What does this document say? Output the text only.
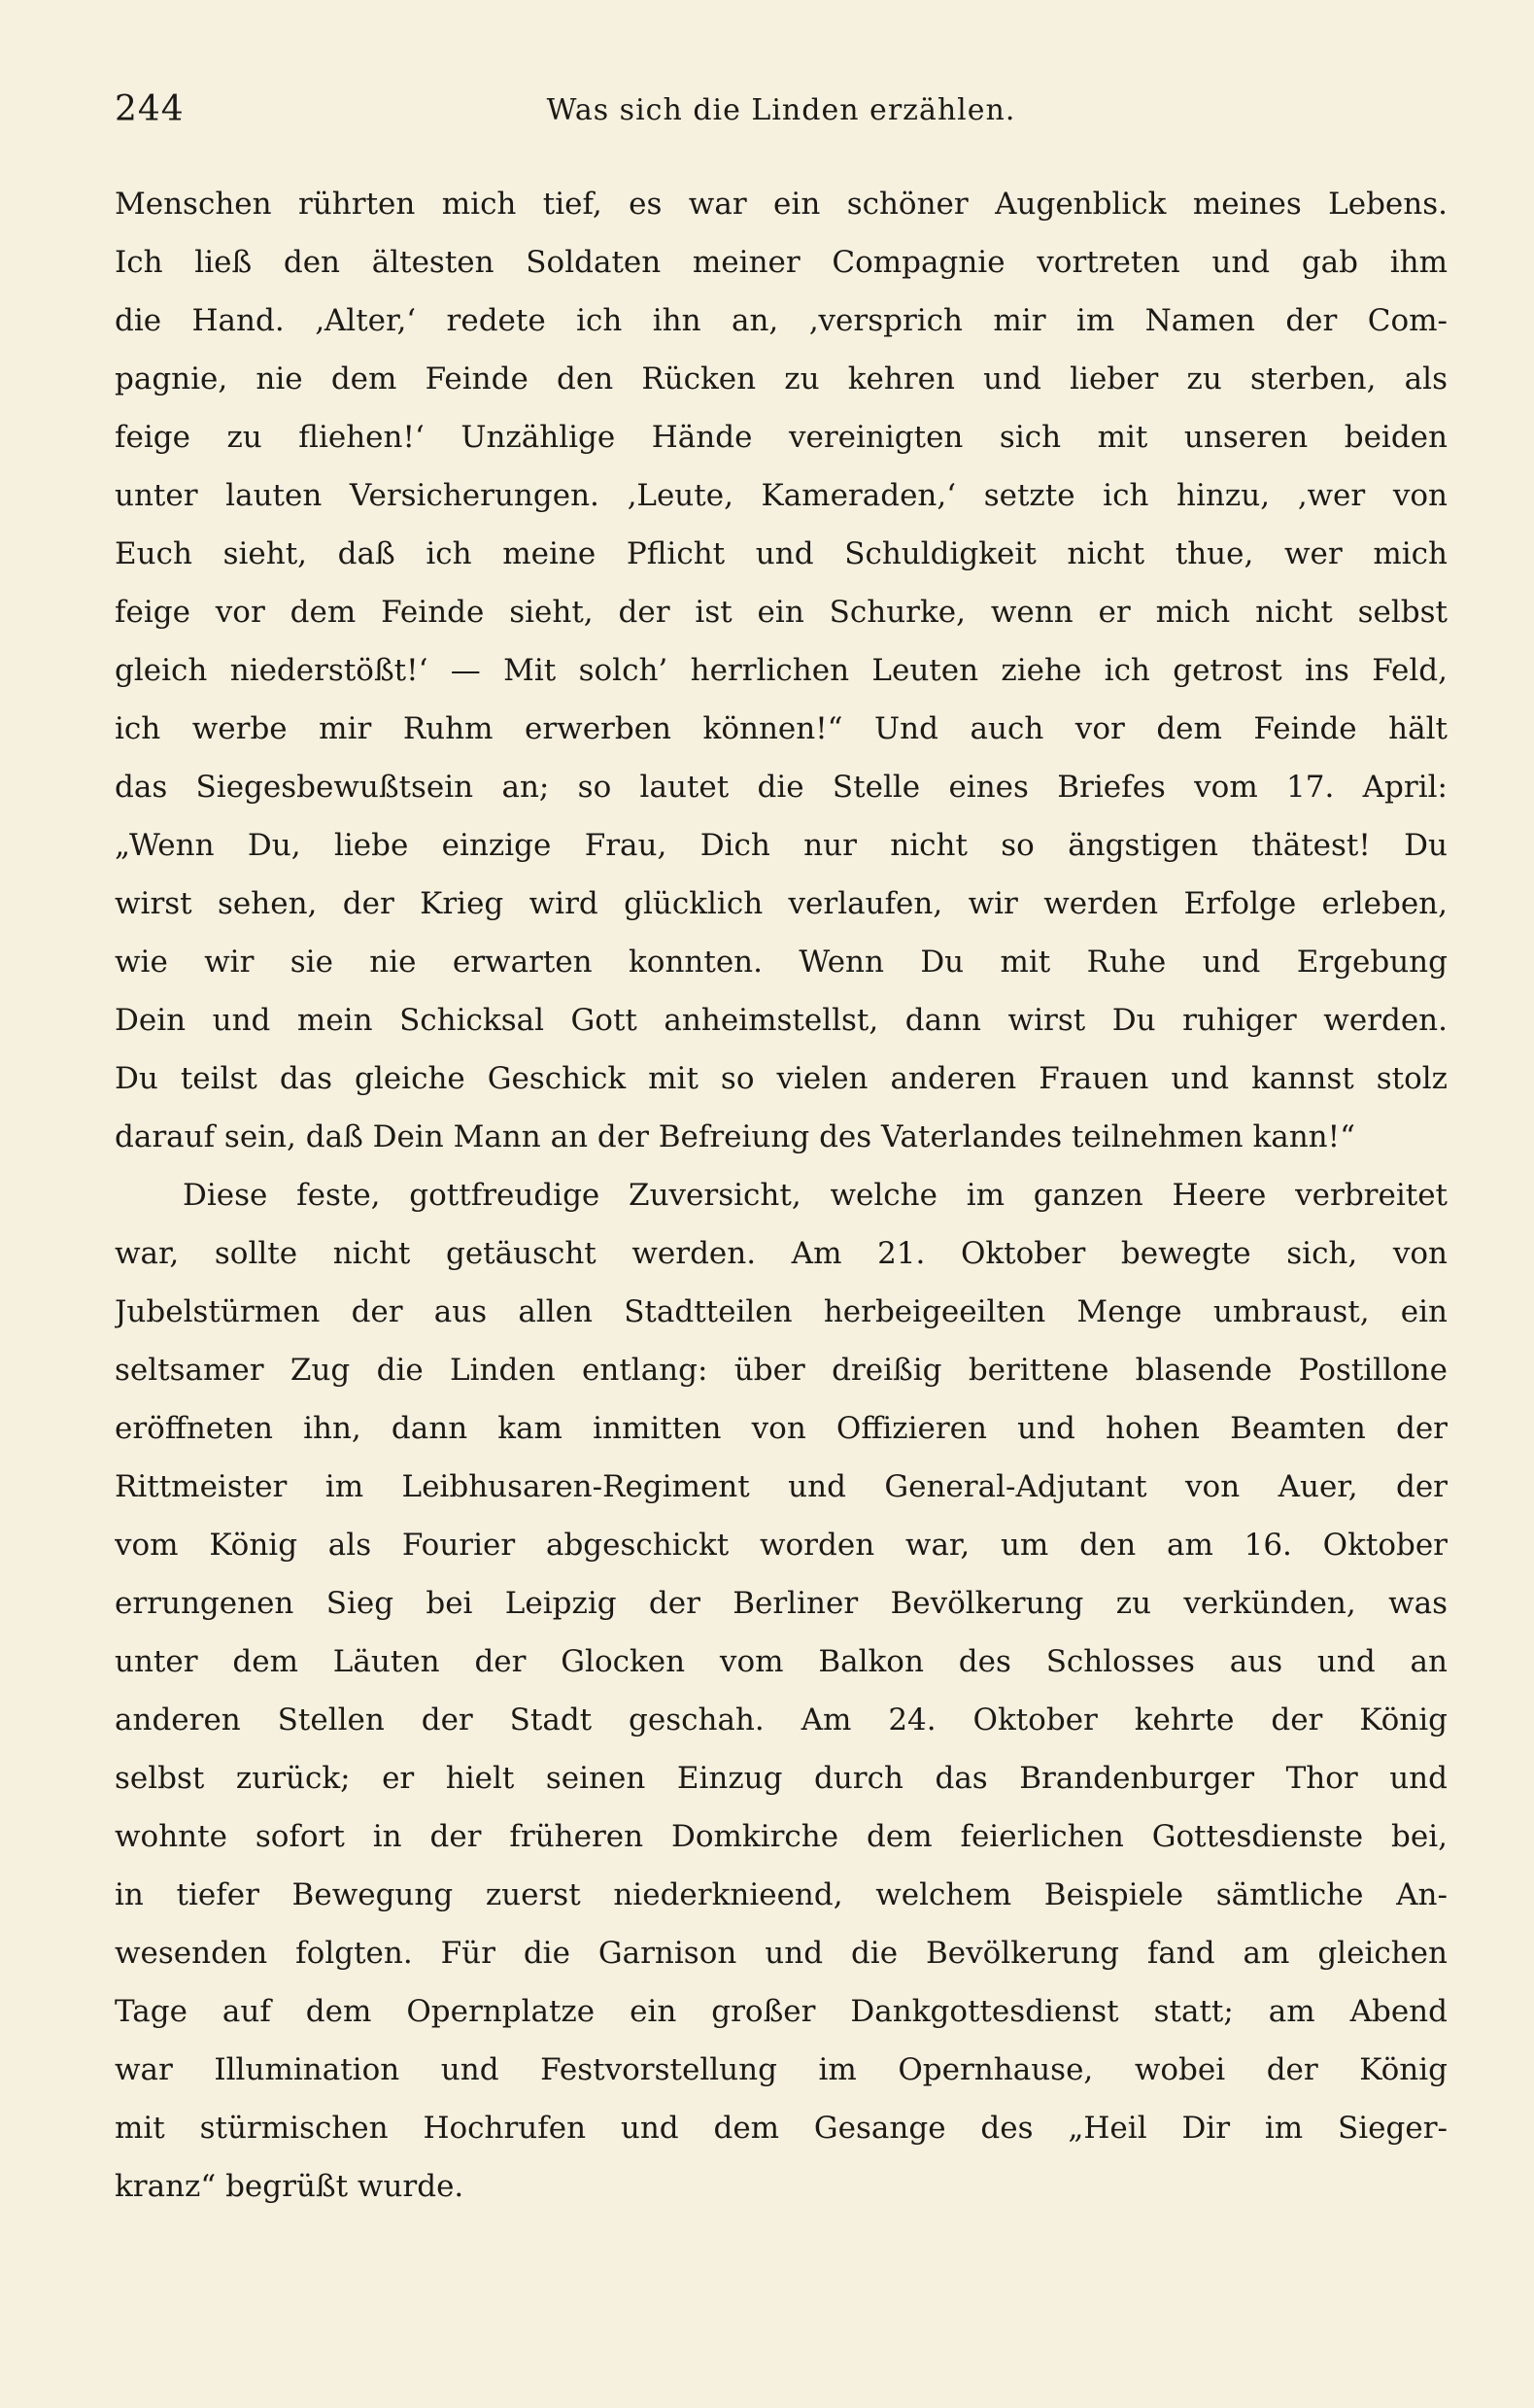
244	Was sich die Linden erzählen.
Menschen rührten mich tief, es war ein schöner Augenblick meines Lebens.
Ich ließ den ältesten Soldaten meiner Compagnie vortreten und gab ihm
die Hand. ‚Alter,‘ redete ich ihn an, ‚versprich mir im Namen der Com-
pagnie, nie dem Feinde den Rücken zu kehren und lieber zu sterben, als
feige zu fliehen!‘ Unzählige Hände vereinigten sich mit unseren beiden
unter lauten Versicherungen. ‚Leute, Kameraden,‘ setzte ich hinzu, ‚wer von
Euch sieht, daß ich meine Pflicht und Schuldigkeit nicht thue, wer mich
feige vor dem Feinde sieht, der ist ein Schurke, wenn er mich nicht selbst
gleich niederstößt!‘ — Mit solch’ herrlichen Leuten ziehe ich getrost ins Feld,
ich werbe mir Ruhm erwerben können!“ Und auch vor dem Feinde hält
das Siegesbewußtsein an; so lautet die Stelle eines Briefes vom 17. April:
„Wenn Du, liebe einzige Frau, Dich nur nicht so ängstigen thätest! Du
wirst sehen, der Krieg wird glücklich verlaufen, wir werden Erfolge erleben,
wie wir sie nie erwarten konnten. Wenn Du mit Ruhe und Ergebung
Dein und mein Schicksal Gott anheimstellst, dann wirst Du ruhiger werden.
Du teilst das gleiche Geschick mit so vielen anderen Frauen und kannst stolz
darauf sein, daß Dein Mann an der Befreiung des Vaterlandes teilnehmen kann!“
Diese feste, gottfreudige Zuversicht, welche im ganzen Heere verbreitet
war, sollte nicht getäuscht werden. Am 21. Oktober bewegte sich, von
Jubelstürmen der aus allen Stadtteilen herbeigeeilten Menge umbraust, ein
seltsamer Zug die Linden entlang: über dreißig berittene blasende Postillone
eröffneten ihn, dann kam inmitten von Offizieren und hohen Beamten der
Rittmeister im Leibhusaren-Regiment und General-Adjutant von Auer, der
vom König als Fourier abgeschickt worden war, um den am 16. Oktober
errungenen Sieg bei Leipzig der Berliner Bevölkerung zu verkünden, was
unter dem Läuten der Glocken vom Balkon des Schlosses aus und an
anderen Stellen der Stadt geschah. Am 24. Oktober kehrte der König
selbst zurück; er hielt seinen Einzug durch das Brandenburger Thor und
wohnte sofort in der früheren Domkirche dem feierlichen Gottesdienste bei,
in tiefer Bewegung zuerst niederknieend, welchem Beispiele sämtliche An-
wesenden folgten. Für die Garnison und die Bevölkerung fand am gleichen
Tage auf dem Opernplatze ein großer Dankgottesdienst statt; am Abend
war Illumination und Festvorstellung im Opernhause, wobei der König
mit stürmischen Hochrufen und dem Gesange des „Heil Dir im Sieger-
kranz“ begrüßt wurde.
